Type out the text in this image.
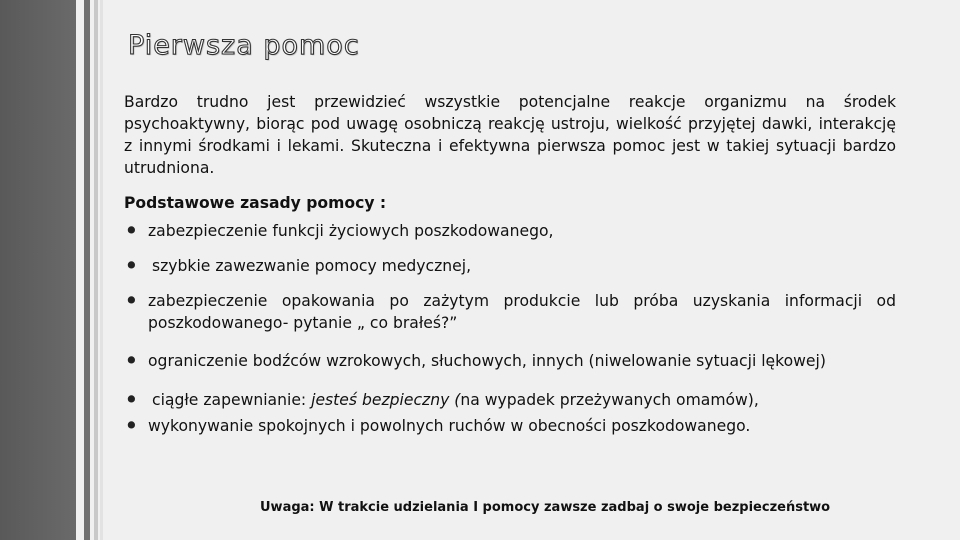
Pierwsza pomoc

Bardzo trudno jest przewidzieć wszystkie potencjalne reakcje organizmu na środek psychoaktywny, biorąc pod uwagę osobniczą reakcję ustroju, wielkość przyjętej dawki, interakcję z innymi środkami i lekami. Skuteczna i efektywna pierwsza pomoc jest w takiej sytuacji bardzo utrudniona.

Podstawowe zasady pomocy :

• zabezpieczenie funkcji życiowych poszkodowanego,
• szybkie zawezwanie pomocy medycznej,
• zabezpieczenie opakowania po zażytym produkcie lub próba uzyskania informacji od poszkodowanego- pytanie „ co brałeś?”
• ograniczenie bodźców wzrokowych, słuchowych, innych (niwelowanie sytuacji lękowej)
• ciągłe zapewnianie: jesteś bezpieczny (na wypadek przeżywanych omamów),
• wykonywanie spokojnych i powolnych ruchów w obecności poszkodowanego.
Uwaga: W trakcie udzielania I pomocy zawsze zadbaj o swoje bezpieczeństwo
